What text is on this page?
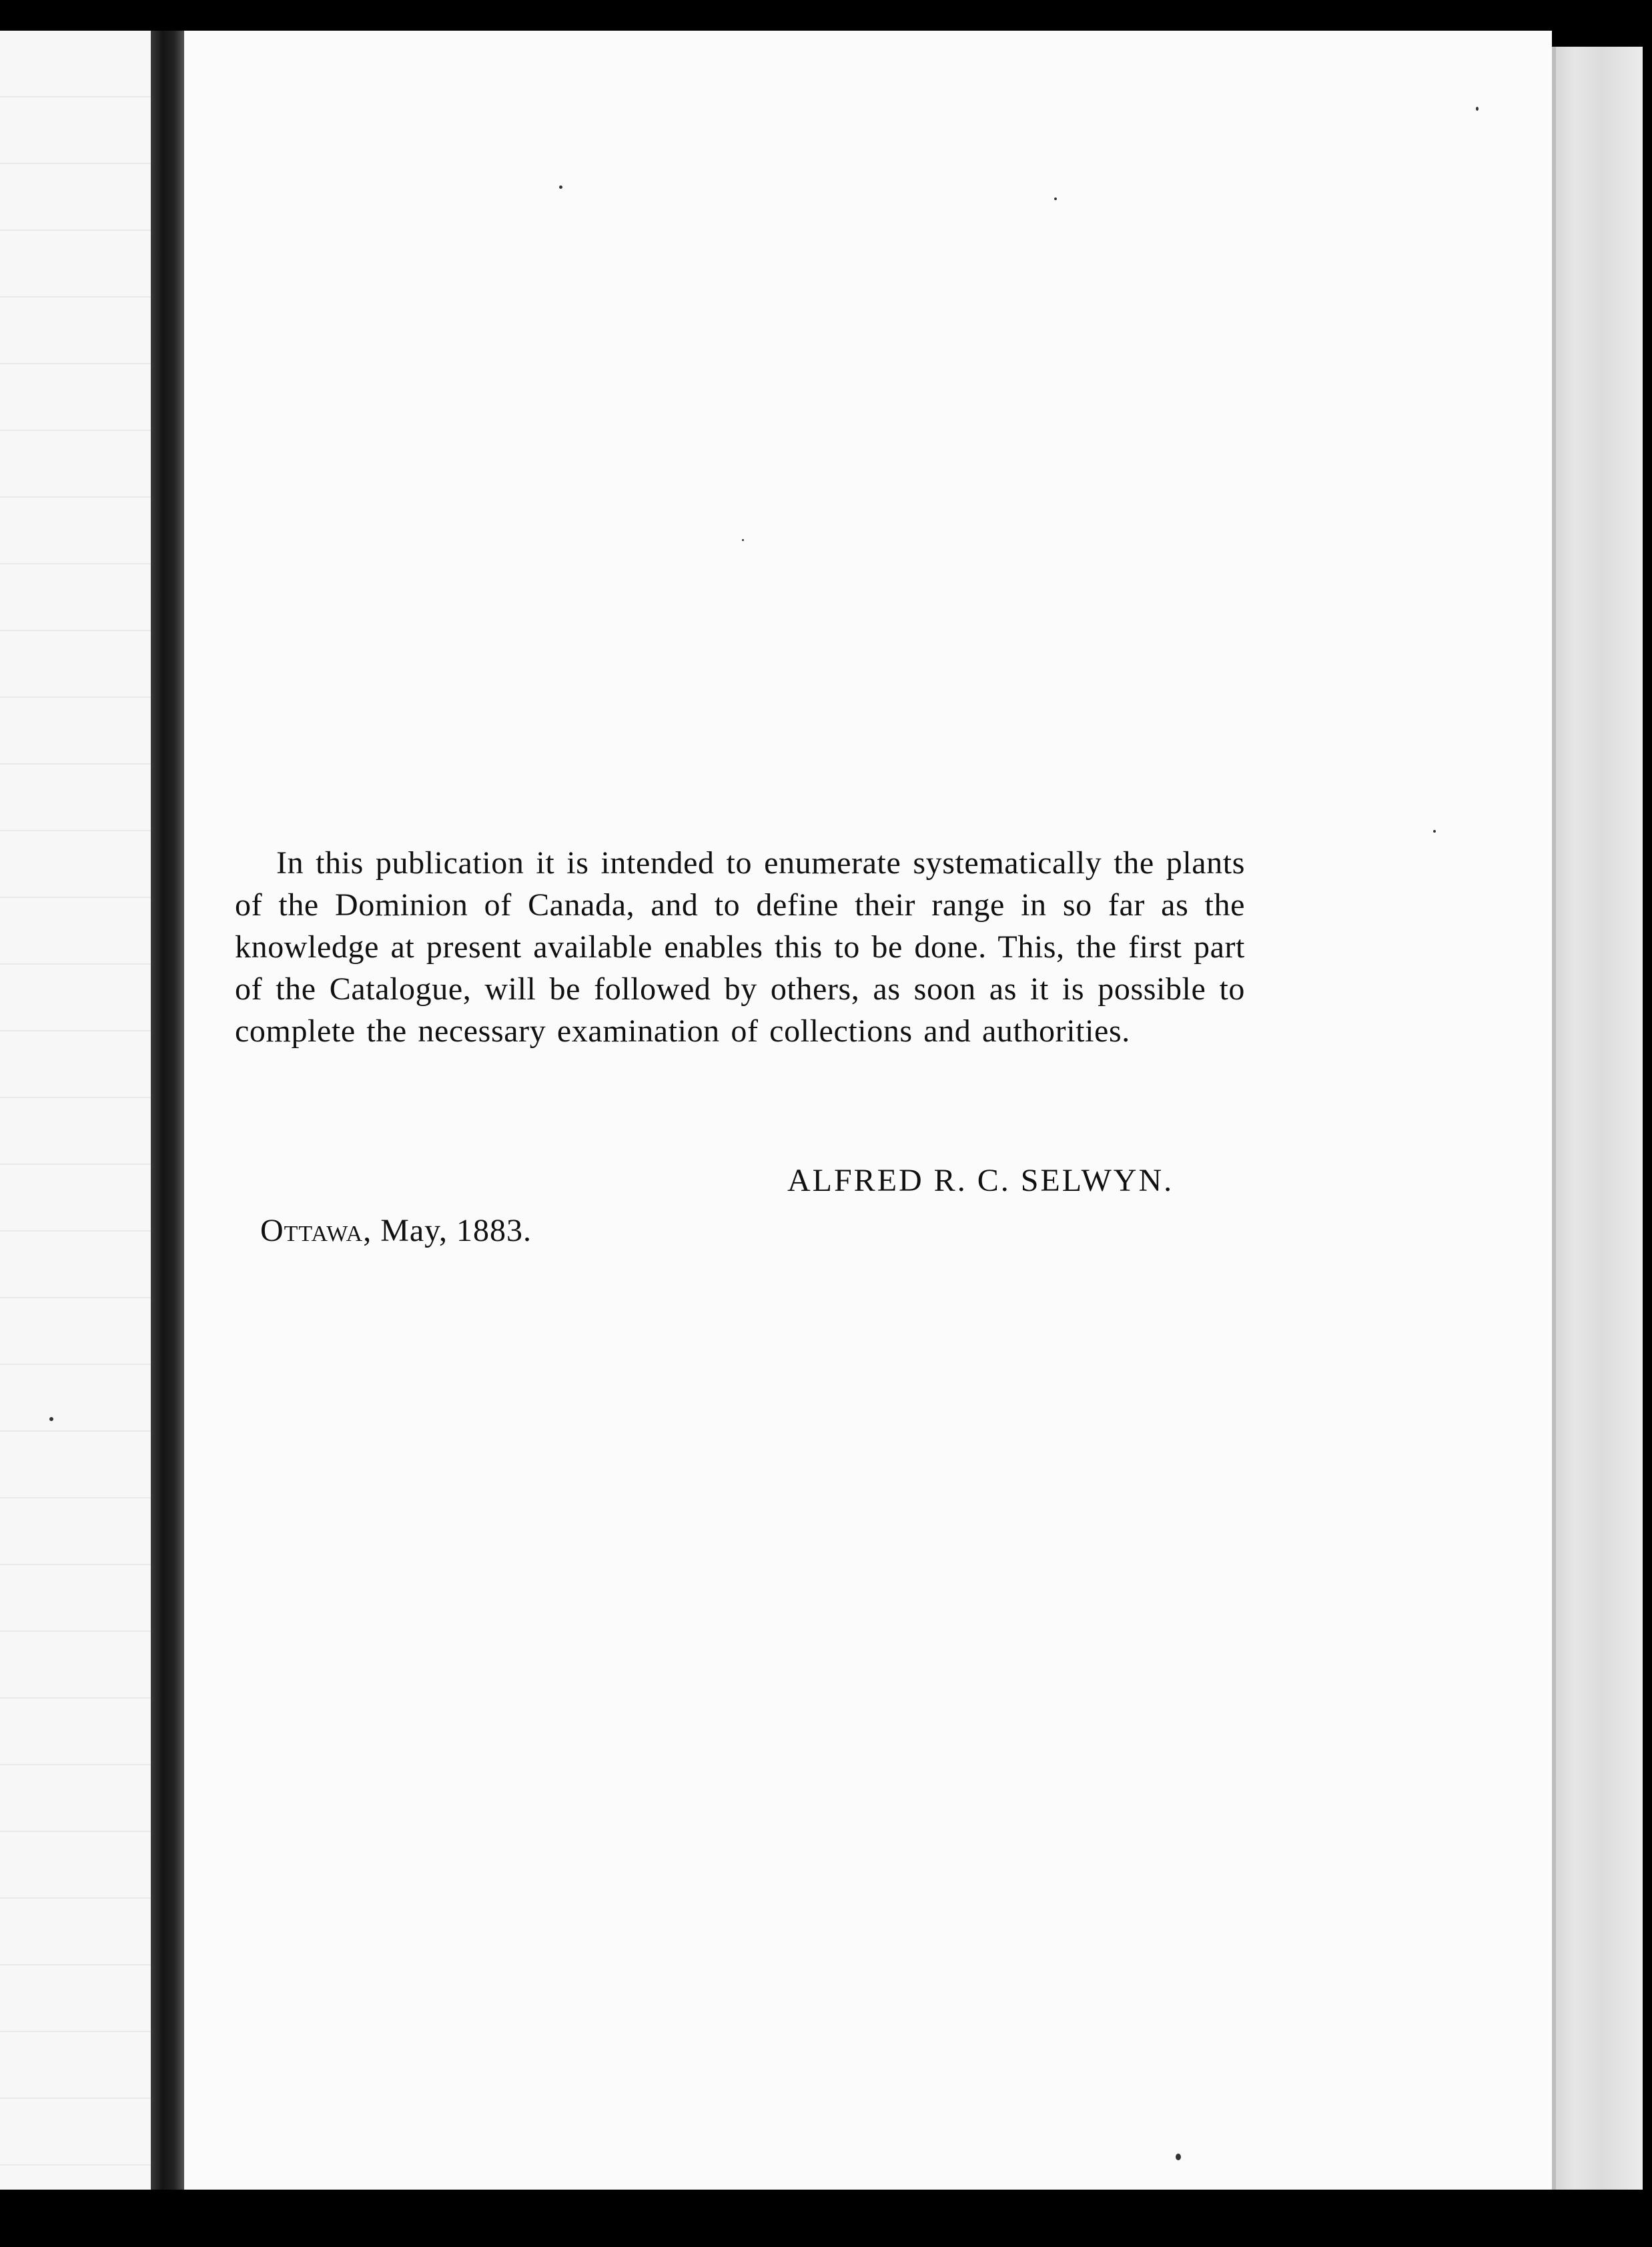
In this publication it is intended to enumerate systematically the plants of the Dominion of Canada, and to define their range in so far as the knowledge at present available enables this to be done. This, the first part of the Catalogue, will be followed by others, as soon as it is possible to complete the necessary examination of collections and authorities.

ALFRED R. C. SELWYN.

Ottawa, May, 1883.
